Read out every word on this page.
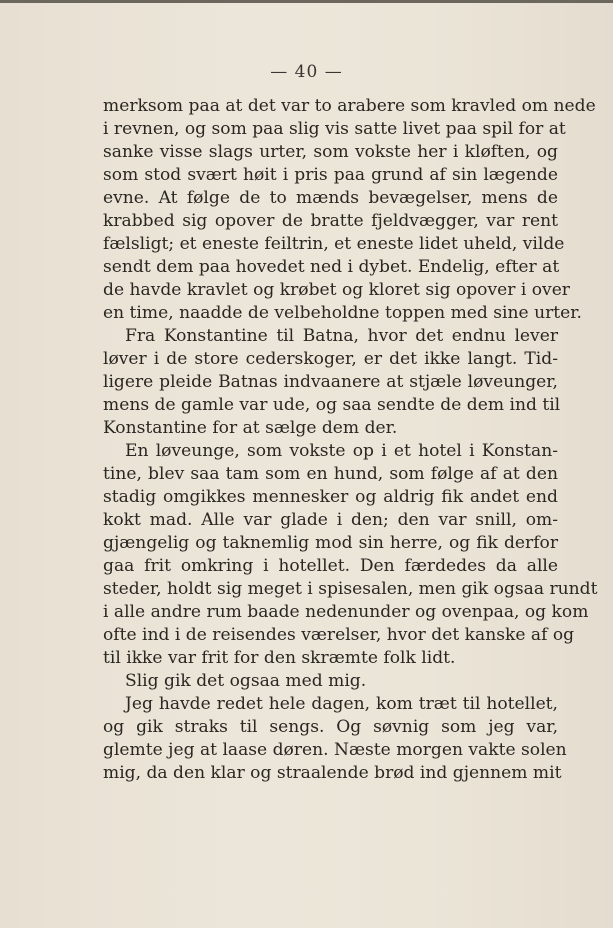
— 40 —
merksom paa at det var to arabere som kravled om nede
i revnen, og som paa slig vis satte livet paa spil for at
sanke visse slags urter, som vokste her i kløften, og
som stod svært høit i pris paa grund af sin lægende
evne. At følge de to mænds bevægelser, mens de
krabbed sig opover de bratte fjeldvægger, var rent
fælsligt; et eneste feiltrin, et eneste lidet uheld, vilde
sendt dem paa hovedet ned i dybet. Endelig, efter at
de havde kravlet og krøbet og kloret sig opover i over
en time, naadde de velbeholdne toppen med sine urter.
Fra Konstantine til Batna, hvor det endnu lever
løver i de store cederskoger, er det ikke langt. Tid-
ligere pleide Batnas indvaanere at stjæle løveunger,
mens de gamle var ude, og saa sendte de dem ind til
Konstantine for at sælge dem der.
En løveunge, som vokste op i et hotel i Konstan-
tine, blev saa tam som en hund, som følge af at den
stadig omgikkes mennesker og aldrig fik andet end
kokt mad. Alle var glade i den; den var snill, om-
gjængelig og taknemlig mod sin herre, og fik derfor
gaa frit omkring i hotellet. Den færdedes da alle
steder, holdt sig meget i spisesalen, men gik ogsaa rundt
i alle andre rum baade nedenunder og ovenpaa, og kom
ofte ind i de reisendes værelser, hvor det kanske af og
til ikke var frit for den skræmte folk lidt.
Slig gik det ogsaa med mig.
Jeg havde redet hele dagen, kom træt til hotellet,
og gik straks til sengs. Og søvnig som jeg var,
glemte jeg at laase døren. Næste morgen vakte solen
mig, da den klar og straalende brød ind gjennem mit
